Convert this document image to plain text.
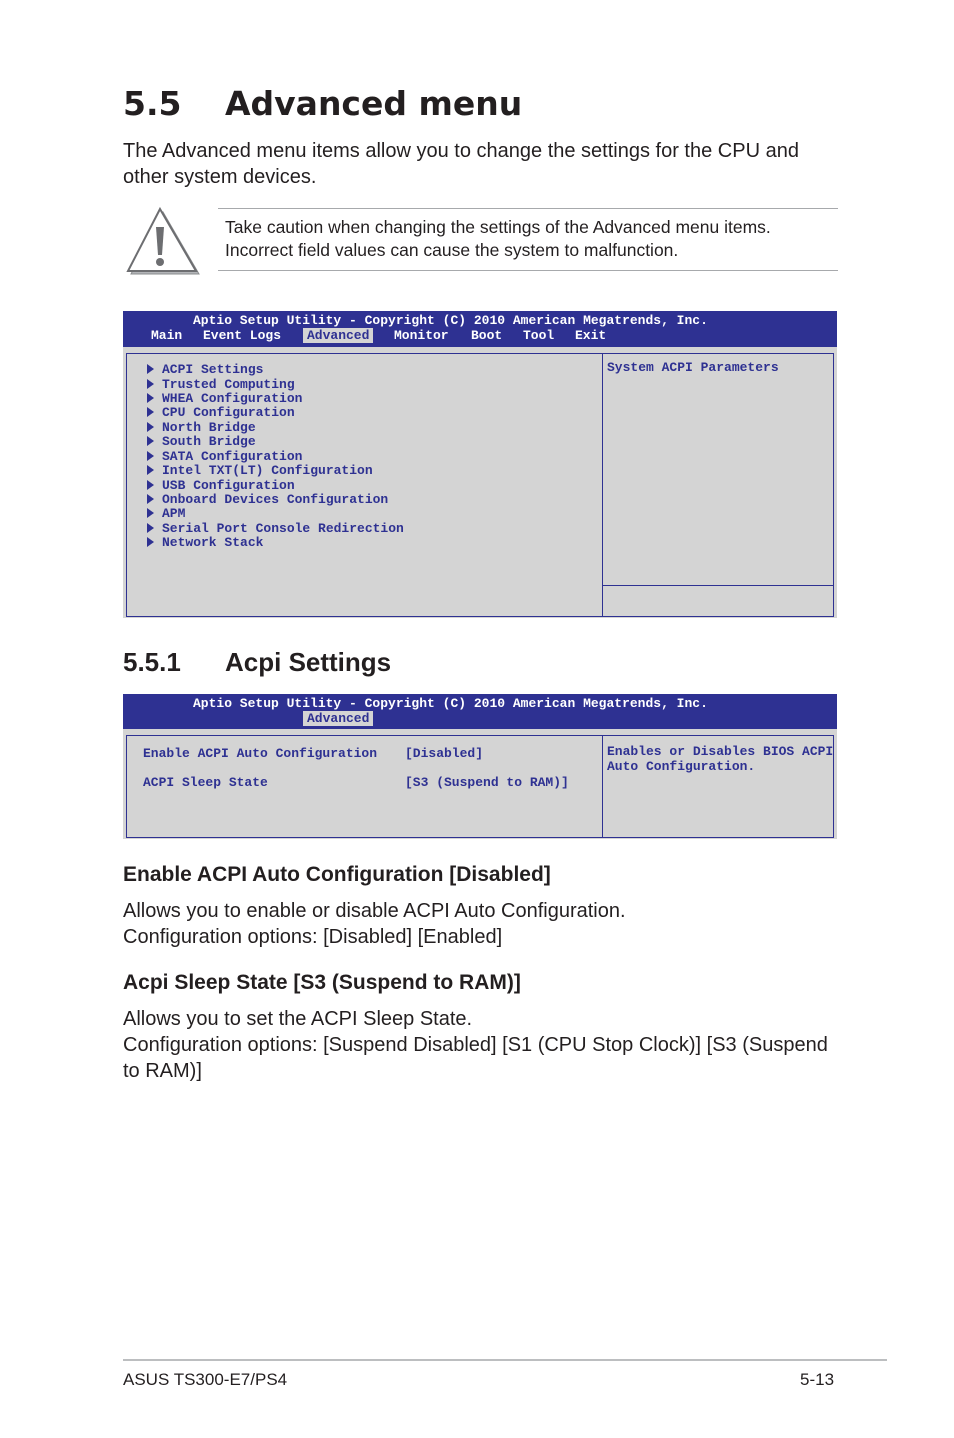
5.5 Advanced menu
The Advanced menu items allow you to change the settings for the CPU and other system devices.
Take caution when changing the settings of the Advanced menu items. Incorrect field values can cause the system to malfunction.

Aptio Setup Utility - Copyright (C) 2010 American Megatrends, Inc.

Main

Event Logs

	Advanced

	Monitor

Boot

Tool

Exit

ACPI Settings
Trusted Computing
WHEA Configuration
CPU Configuration
North Bridge
South Bridge
SATA Configuration
Intel TXT(LT) Configuration
USB Configuration
Onboard Devices Configuration
APM
Serial Port Console Redirection
Network Stack
System ACPI Parameters
5.5.1 Acpi Settings

Aptio Setup Utility - Copyright (C) 2010 American Megatrends, Inc.

Advanced

Enable ACPI Auto Configuration [Disabled]
ACPI Sleep State	[S3 (Suspend to RAM)]
Enables or Disables BIOS ACPI
Auto Configuration.
Enable ACPI Auto Configuration [Disabled]
Allows you to enable or disable ACPI Auto Configuration.
Configuration options: [Disabled] [Enabled]
Acpi Sleep State [S3 (Suspend to RAM)]
Allows you to set the ACPI Sleep State.
Configuration options: [Suspend Disabled] [S1 (CPU Stop Clock)] [S3 (Suspend to RAM)]
ASUS TS300-E7/PS4	5-13
